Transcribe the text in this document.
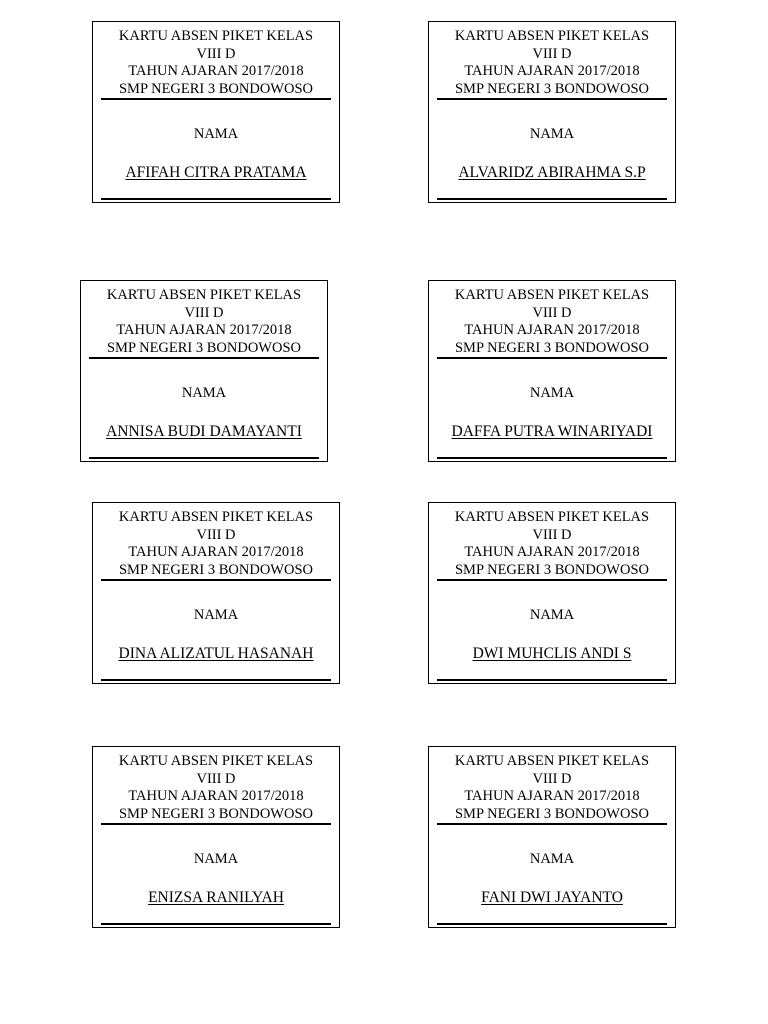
KARTU ABSEN PIKET KELAS
VIII D
TAHUN AJARAN 2017/2018
SMP NEGERI 3 BONDOWOSO
NAMA
AFIFAH CITRA PRATAMA
KARTU ABSEN PIKET KELAS
VIII D
TAHUN AJARAN 2017/2018
SMP NEGERI 3 BONDOWOSO
NAMA
ALVARIDZ ABIRAHMA S.P
KARTU ABSEN PIKET KELAS
VIII D
TAHUN AJARAN 2017/2018
SMP NEGERI 3 BONDOWOSO
NAMA
ANNISA BUDI DAMAYANTI
KARTU ABSEN PIKET KELAS
VIII D
TAHUN AJARAN 2017/2018
SMP NEGERI 3 BONDOWOSO
NAMA
DAFFA PUTRA WINARIYADI
KARTU ABSEN PIKET KELAS
VIII D
TAHUN AJARAN 2017/2018
SMP NEGERI 3 BONDOWOSO
NAMA
DINA ALIZATUL HASANAH
KARTU ABSEN PIKET KELAS
VIII D
TAHUN AJARAN 2017/2018
SMP NEGERI 3 BONDOWOSO
NAMA
DWI MUHCLIS ANDI S
KARTU ABSEN PIKET KELAS
VIII D
TAHUN AJARAN 2017/2018
SMP NEGERI 3 BONDOWOSO
NAMA
ENIZSA RANILYAH
KARTU ABSEN PIKET KELAS
VIII D
TAHUN AJARAN 2017/2018
SMP NEGERI 3 BONDOWOSO
NAMA
FANI DWI JAYANTO
